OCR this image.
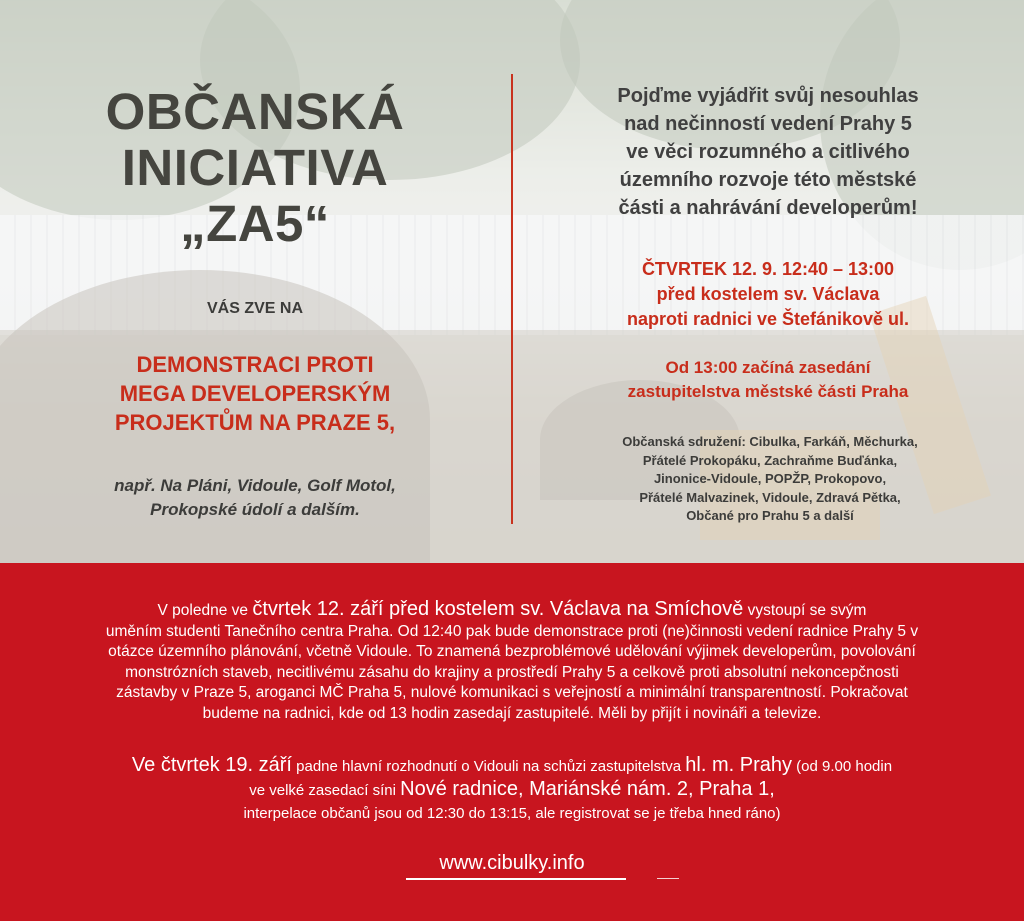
OBČANSKÁ
INICIATIVA
„ZA5“
VÁS ZVE NA
DEMONSTRACI PROTI
MEGA DEVELOPERSKÝM
PROJEKTŮM NA PRAZE 5,
např. Na Pláni, Vidoule, Golf Motol,
Prokopské údolí a dalším.
Pojďme vyjádřit svůj nesouhlas
nad nečinností vedení Prahy 5
ve věci rozumného a citlivého
územního rozvoje této městské
části a nahrávání developerům!
ČTVRTEK 12. 9. 12:40 – 13:00
před kostelem sv. Václava
naproti radnici ve Štefánikově ul.
Od 13:00 začíná zasedání
zastupitelstva městské části Praha
Občanská sdružení: Cibulka, Farkáň, Měchurka,
Přátelé Prokopáku, Zachraňme Buďánka,
Jinonice-Vidoule, POPŽP, Prokopovo,
Přátelé Malvazinek, Vidoule, Zdravá Pětka,
Občané pro Prahu 5 a další
V poledne ve čtvrtek 12. září před kostelem sv. Václava na Smíchově vystoupí se svým
uměním studenti Tanečního centra Praha. Od 12:40 pak bude demonstrace proti (ne)činnosti vedení radnice Prahy 5 v
otázce územního plánování, včetně Vidoule. To znamená bezproblémové udělování výjimek developerům, povolování
monstrózních staveb, necitlivému zásahu do krajiny a prostředí Prahy 5 a celkově proti absolutní nekoncepčnosti
zástavby v Praze 5, aroganci MČ Praha 5, nulové komunikaci s veřejností a minimální transparentností. Pokračovat
budeme na radnici, kde od 13 hodin zasedají zastupitelé. Měli by přijít i novináři a televize.
Ve čtvrtek 19. září padne hlavní rozhodnutí o Vidouli na schůzi zastupitelstva hl. m. Prahy (od 9.00 hodin
ve velké zasedací síni Nové radnice, Mariánské nám. 2, Praha 1,
interpelace občanů jsou od 12:30 do 13:15, ale registrovat se je třeba hned ráno)
www.cibulky.info
